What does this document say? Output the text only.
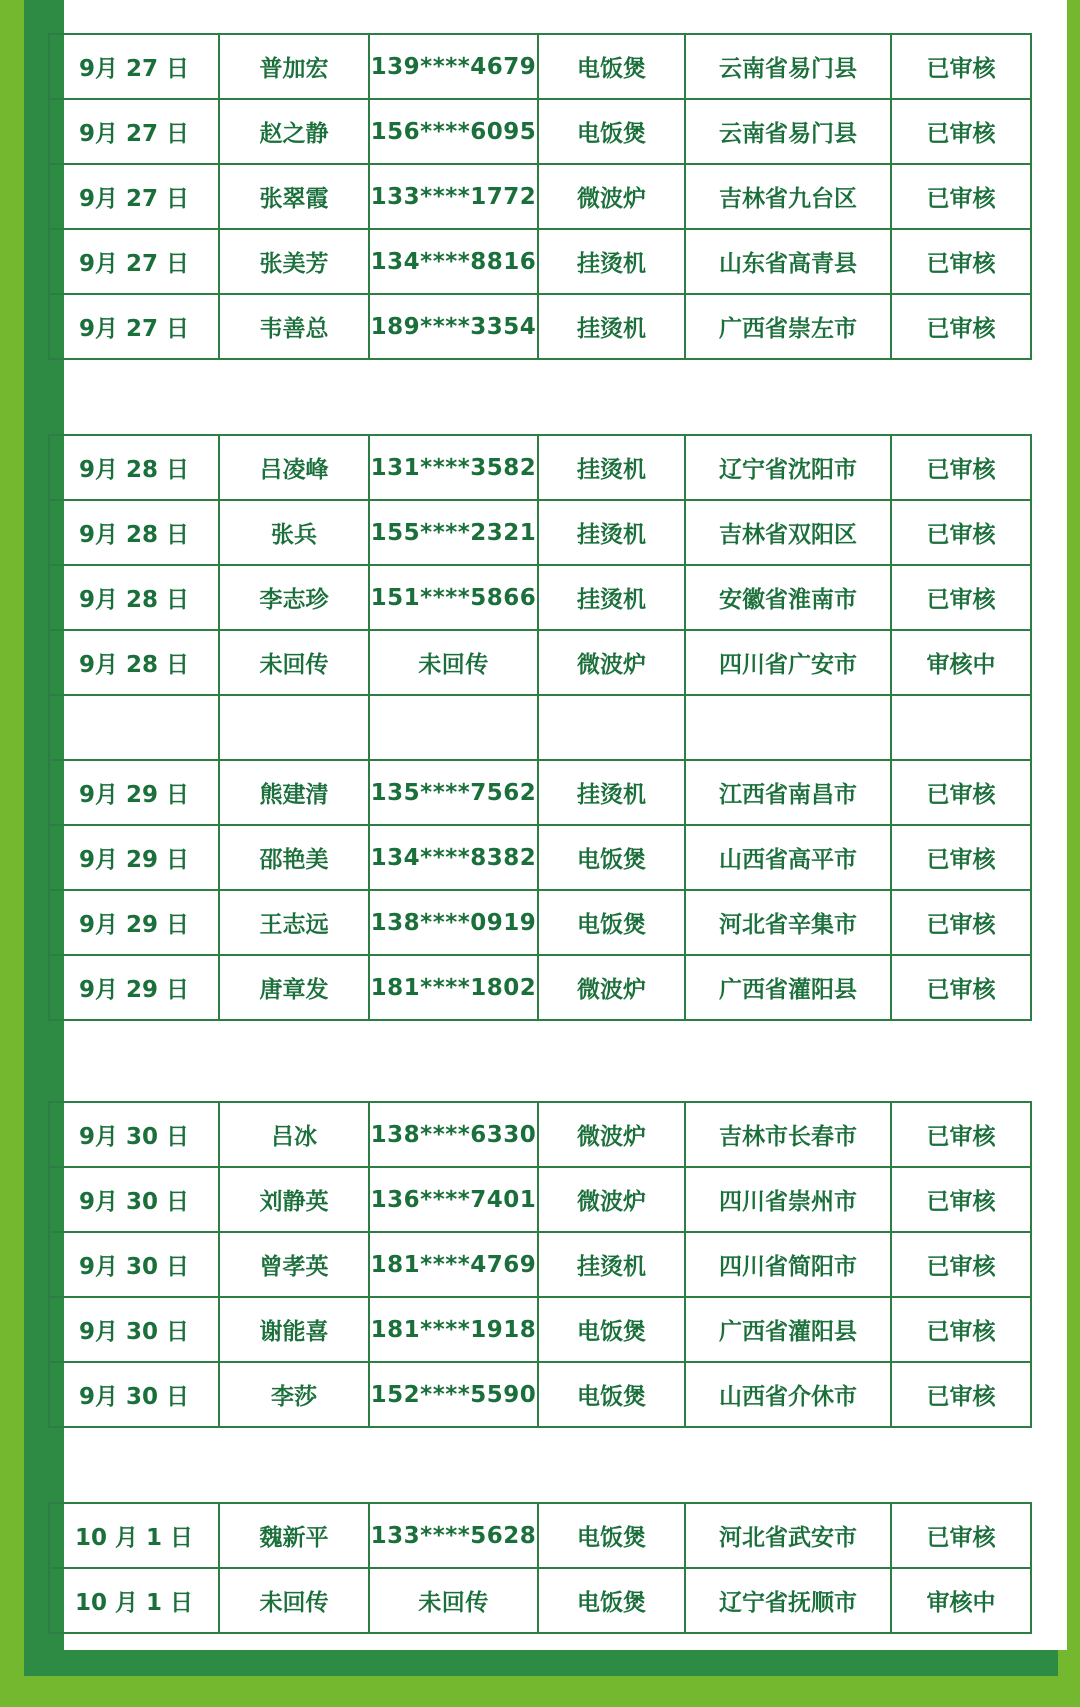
9月 27 日	普加宏	139****4679	电饭煲	云南省易门县	已审核
9月 27 日	赵之静	156****6095	电饭煲	云南省易门县	已审核
9月 27 日	张翠霞	133****1772	微波炉	吉林省九台区	已审核
9月 27 日	张美芳	134****8816	挂烫机	山东省高青县	已审核
9月 27 日	韦善总	189****3354	挂烫机	广西省崇左市	已审核
9月 28 日	吕凌峰	131****3582	挂烫机	辽宁省沈阳市	已审核
9月 28 日	张兵	155****2321	挂烫机	吉林省双阳区	已审核
9月 28 日	李志珍	151****5866	挂烫机	安徽省淮南市	已审核
9月 28 日	未回传	未回传	微波炉	四川省广安市	审核中

9月 29 日	熊建清	135****7562	挂烫机	江西省南昌市	已审核
9月 29 日	邵艳美	134****8382	电饭煲	山西省高平市	已审核
9月 29 日	王志远	138****0919	电饭煲	河北省辛集市	已审核
9月 29 日	唐章发	181****1802	微波炉	广西省灌阳县	已审核
9月 30 日	吕冰	138****6330	微波炉	吉林市长春市	已审核
9月 30 日	刘静英	136****7401	微波炉	四川省崇州市	已审核
9月 30 日	曾孝英	181****4769	挂烫机	四川省简阳市	已审核
9月 30 日	谢能喜	181****1918	电饭煲	广西省灌阳县	已审核
9月 30 日	李莎	152****5590	电饭煲	山西省介休市	已审核
10 月 1 日	魏新平	133****5628	电饭煲	河北省武安市	已审核
10 月 1 日	未回传	未回传	电饭煲	辽宁省抚顺市	审核中
